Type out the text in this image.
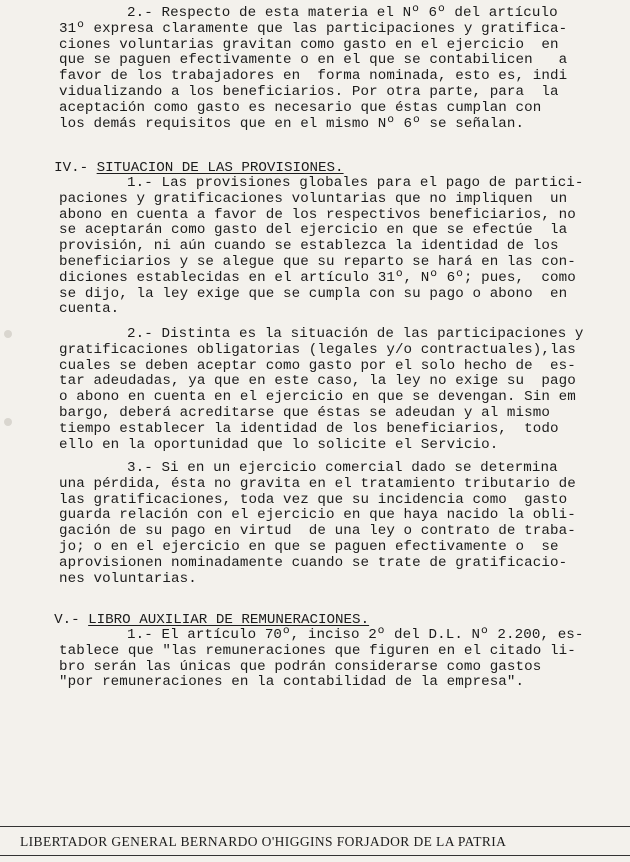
2.- Respecto de esta materia el Nº 6º del artículo
31º expresa claramente que las participaciones y gratifica-
ciones voluntarias gravitan como gasto en el ejercicio  en
que se paguen efectivamente o en el que se contabilicen   a
favor de los trabajadores en  forma nominada, esto es, indi
vidualizando a los beneficiarios. Por otra parte, para  la
aceptación como gasto es necesario que éstas cumplan con
los demás requisitos que en el mismo Nº 6º se señalan.

IV.- SITUACION DE LAS PROVISIONES.

1.- Las provisiones globales para el pago de partici-
paciones y gratificaciones voluntarias que no impliquen  un
abono en cuenta a favor de los respectivos beneficiarios, no
se aceptarán como gasto del ejercicio en que se efectúe  la
provisión, ni aún cuando se establezca la identidad de los
beneficiarios y se alegue que su reparto se hará en las con-
diciones establecidas en el artículo 31º, Nº 6º; pues,  como
se dijo, la ley exige que se cumpla con su pago o abono  en
cuenta.
2.- Distinta es la situación de las participaciones y
gratificaciones obligatorias (legales y/o contractuales),las
cuales se deben aceptar como gasto por el solo hecho de  es-
tar adeudadas, ya que en este caso, la ley no exige su  pago
o abono en cuenta en el ejercicio en que se devengan. Sin em
bargo, deberá acreditarse que éstas se adeudan y al mismo
tiempo establecer la identidad de los beneficiarios,  todo
ello en la oportunidad que lo solicite el Servicio.
3.- Si en un ejercicio comercial dado se determina
una pérdida, ésta no gravita en el tratamiento tributario de
las gratificaciones, toda vez que su incidencia como  gasto
guarda relación con el ejercicio en que haya nacido la obli-
gación de su pago en virtud  de una ley o contrato de traba-
jo; o en el ejercicio en que se paguen efectivamente o  se
aprovisionen nominadamente cuando se trate de gratificacio-
nes voluntarias.

V.- LIBRO AUXILIAR DE REMUNERACIONES.

1.- El artículo 70º, inciso 2º del D.L. Nº 2.200, es-
tablece que "las remuneraciones que figuren en el citado li-
bro serán las únicas que podrán considerarse como gastos
"por remuneraciones en la contabilidad de la empresa".
LIBERTADOR GENERAL BERNARDO O'HIGGINS FORJADOR DE LA PATRIA
